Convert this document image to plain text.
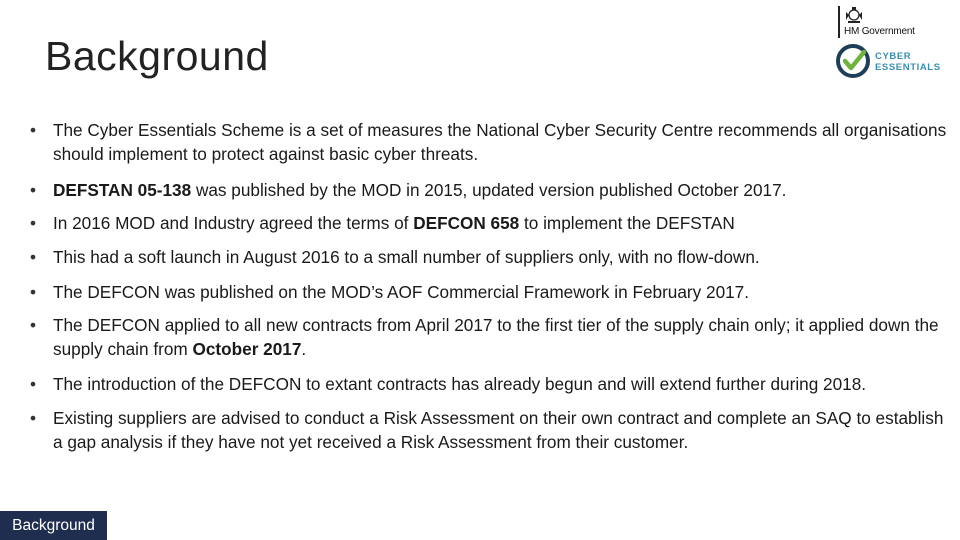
Background
HM Government
CYBER
ESSENTIALS
• The Cyber Essentials Scheme is a set of measures the National Cyber Security Centre recommends all organisations should implement to protect against basic cyber threats.
• DEFSTAN 05-138 was published by the MOD in 2015, updated version published October 2017.
• In 2016 MOD and Industry agreed the terms of DEFCON 658 to implement the DEFSTAN
• This had a soft launch in August 2016 to a small number of suppliers only, with no flow-down.
• The DEFCON was published on the MOD’s AOF Commercial Framework in February 2017.
• The DEFCON applied to all new contracts from April 2017 to the first tier of the supply chain only; it applied down the supply chain from October 2017.
• The introduction of the DEFCON to extant contracts has already begun and will extend further during 2018.
• Existing suppliers are advised to conduct a Risk Assessment on their own contract and complete an SAQ to establish a gap analysis if they have not yet received a Risk Assessment from their customer.
Background
